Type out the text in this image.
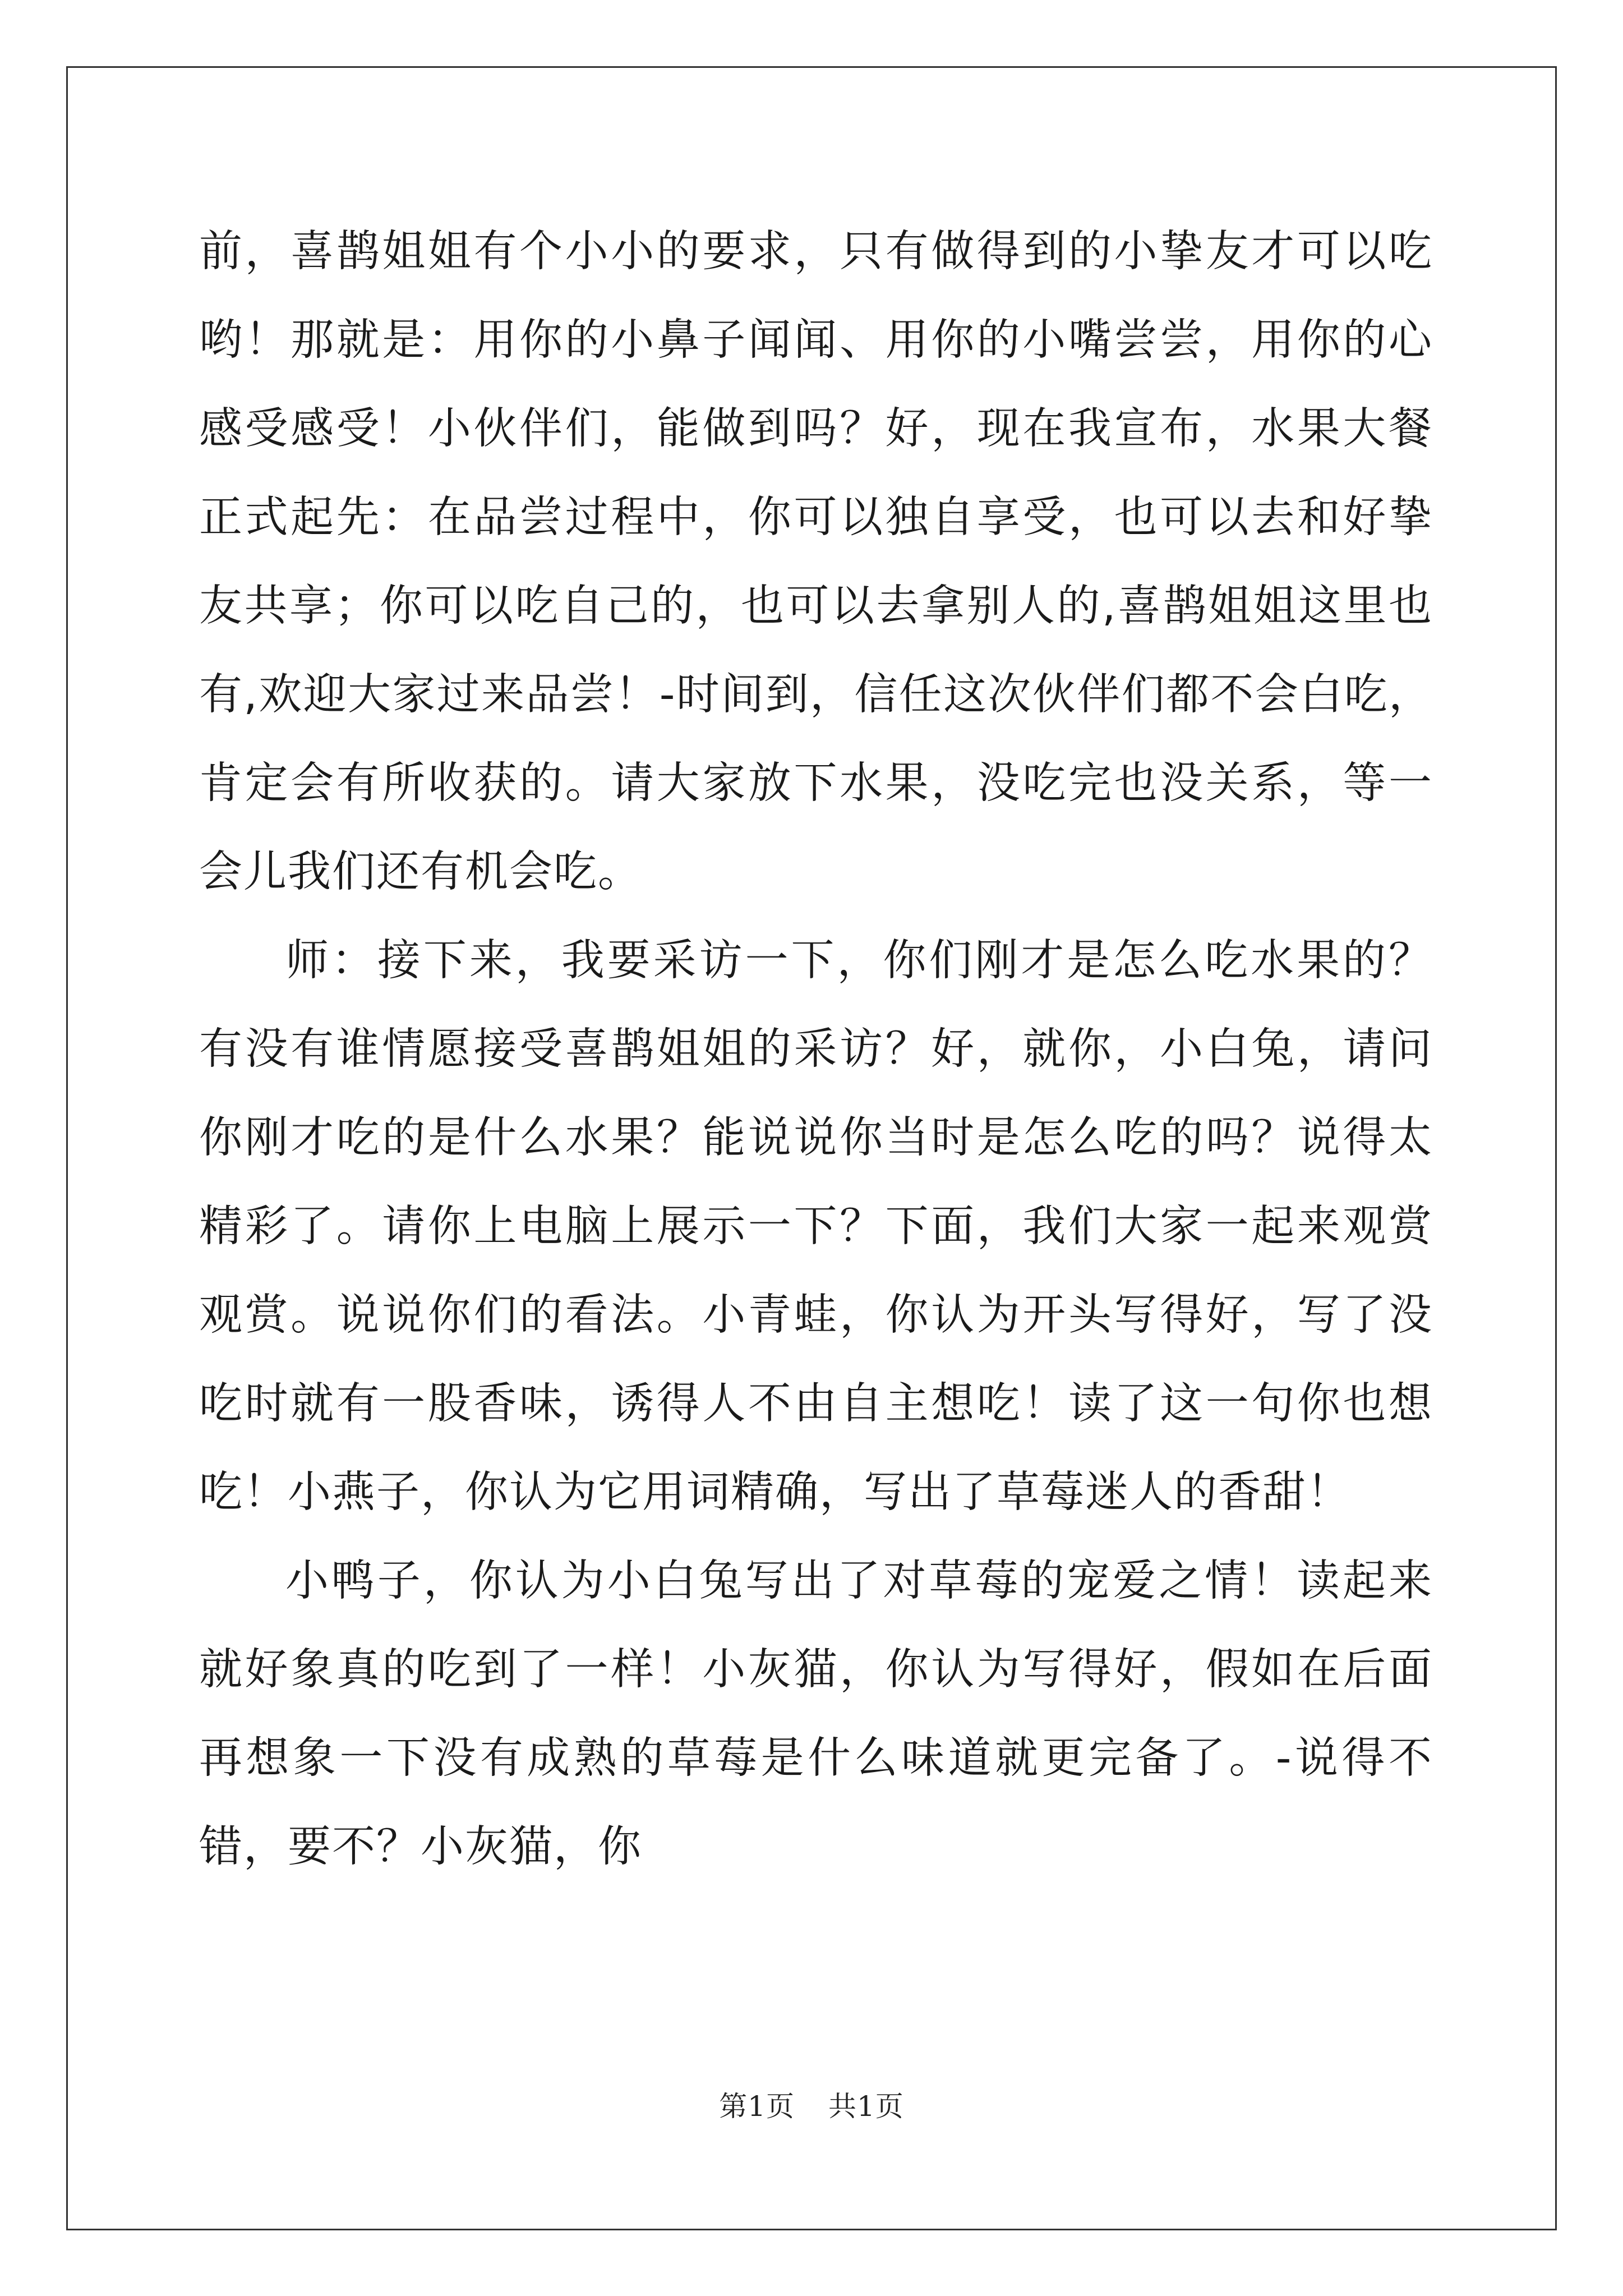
前，喜鹊姐姐有个小小的要求，只有做得到的小挚友才可以吃哟！那就是：用你的小鼻子闻闻、用你的小嘴尝尝，用你的心感受感受！小伙伴们，能做到吗？好，现在我宣布，水果大餐正式起先：在品尝过程中，你可以独自享受，也可以去和好挚友共享；你可以吃自己的，也可以去拿别人的,喜鹊姐姐这里也有,欢迎大家过来品尝！-时间到，信任这次伙伴们都不会白吃，肯定会有所收获的。请大家放下水果，没吃完也没关系，等一会儿我们还有机会吃。

师：接下来，我要采访一下，你们刚才是怎么吃水果的？有没有谁情愿接受喜鹊姐姐的采访？好，就你，小白兔，请问你刚才吃的是什么水果？能说说你当时是怎么吃的吗？说得太精彩了。请你上电脑上展示一下？下面，我们大家一起来观赏观赏。说说你们的看法。小青蛙，你认为开头写得好，写了没吃时就有一股香味，诱得人不由自主想吃！读了这一句你也想吃！小燕子，你认为它用词精确，写出了草莓迷人的香甜！

小鸭子，你认为小白兔写出了对草莓的宠爱之情！读起来就好象真的吃到了一样！小灰猫，你认为写得好，假如在后面再想象一下没有成熟的草莓是什么味道就更完备了。-说得不错，要不？小灰猫，你

第1页 共1页
